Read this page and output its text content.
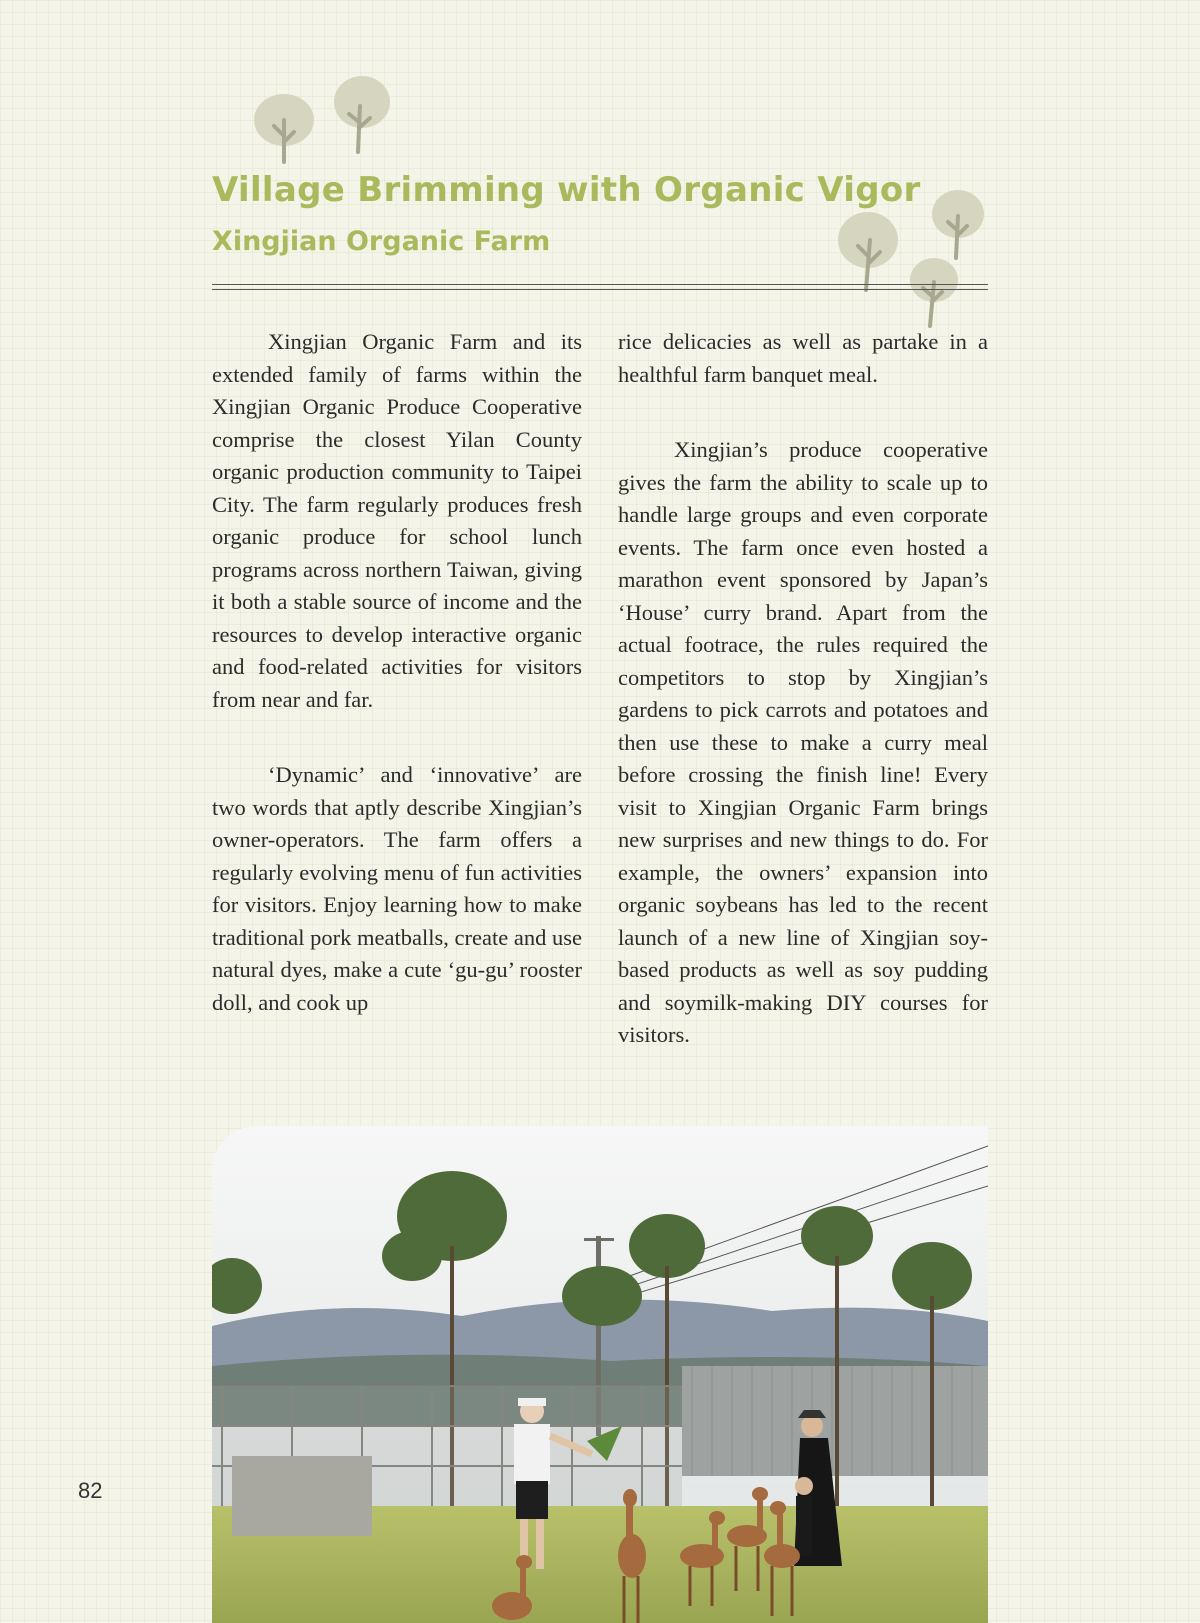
Village Brimming with Organic Vigor
Xingjian Organic Farm

Xingjian Organic Farm and its extended family of farms within the Xingjian Organic Produce Cooperative comprise the closest Yilan County organic production community to Taipei City. The farm regularly produces fresh organic produce for school lunch programs across northern Taiwan, giving it both a stable source of income and the resources to develop interactive organic and food-related activities for visitors from near and far.

‘Dynamic’ and ‘innovative’ are two words that aptly describe Xingjian’s owner-operators. The farm offers a regularly evolving menu of fun activities for visitors. Enjoy learning how to make traditional pork meatballs, create and use natural dyes, make a cute ‘gu-gu’ rooster doll, and cook up

rice delicacies as well as partake in a healthful farm banquet meal.

Xingjian’s produce cooperative gives the farm the ability to scale up to handle large groups and even corporate events. The farm once even hosted a marathon event sponsored by Japan’s ‘House’ curry brand. Apart from the actual footrace, the rules required the competitors to stop by Xingjian’s gardens to pick carrots and potatoes and then use these to make a curry meal before crossing the finish line! Every visit to Xingjian Organic Farm brings new surprises and new things to do. For example, the owners’ expansion into organic soybeans has led to the recent launch of a new line of Xingjian soy-based products as well as soy pudding and soymilk-making DIY courses for visitors.

82
